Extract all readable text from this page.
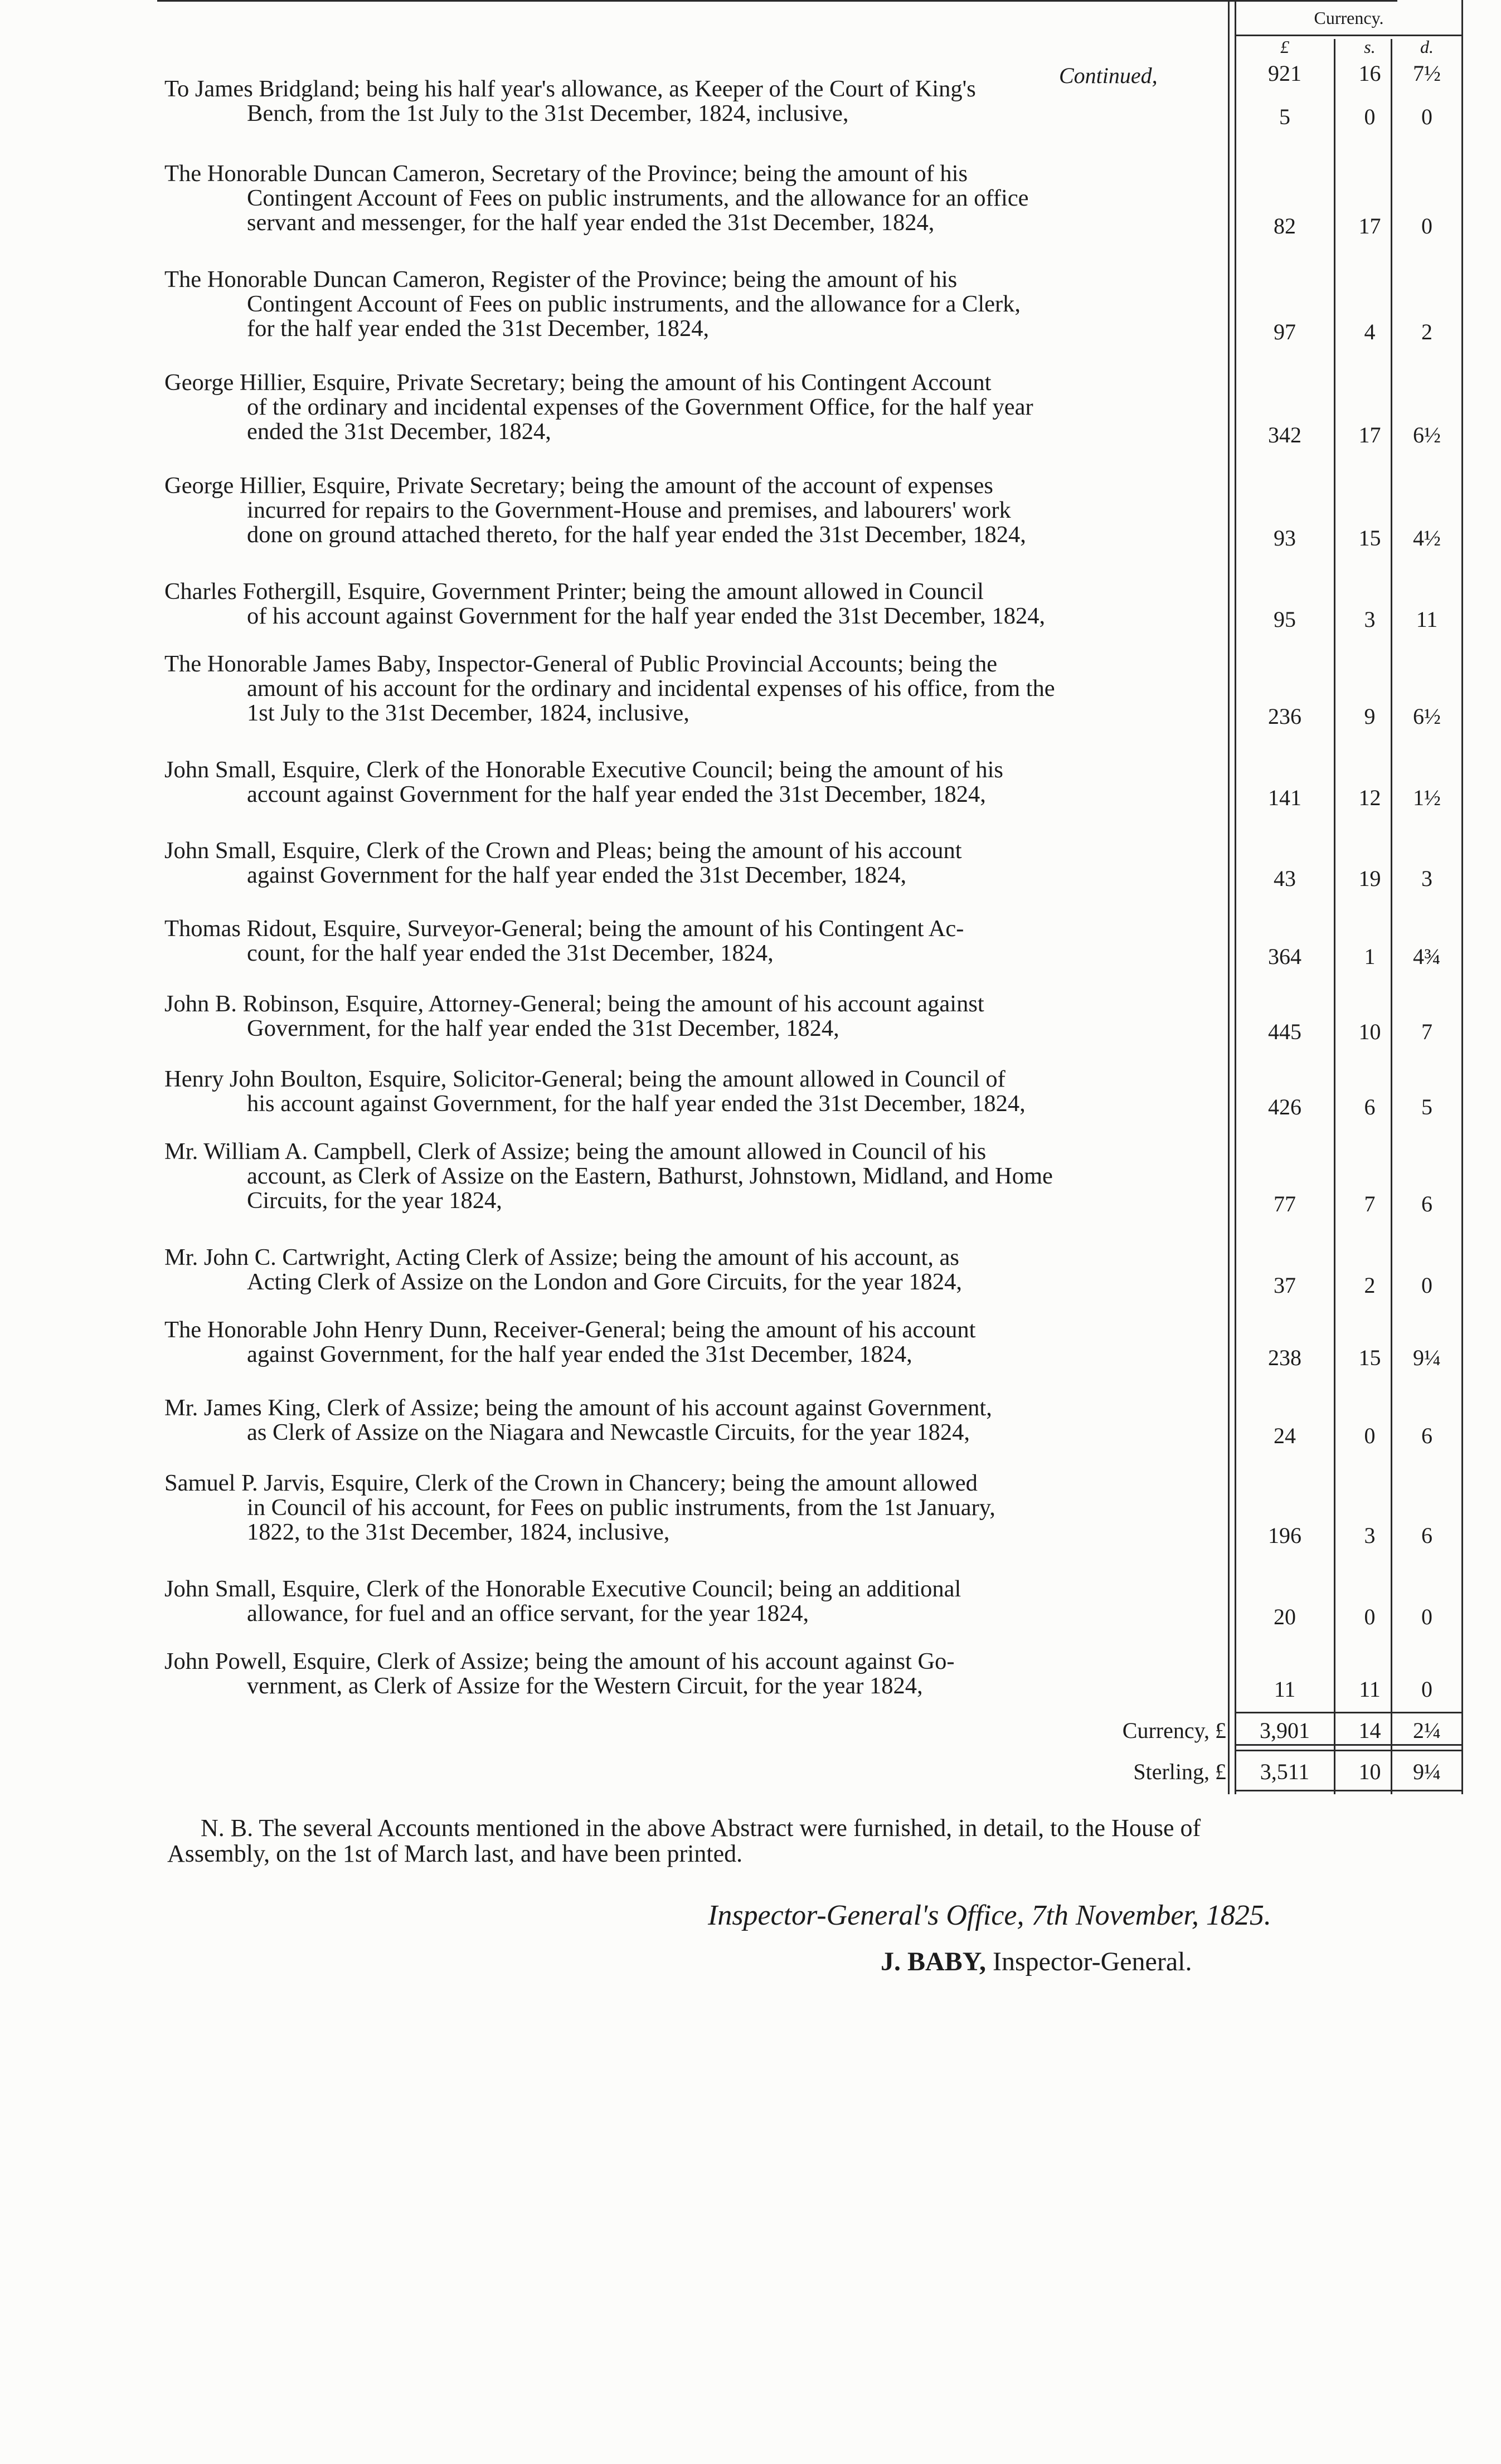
Currency.
£	s.	d.
Continued,	921	16	7½
To James Bridgland; being his half year's allowance, as Keeper of the Court of King's
Bench, from the 1st July to the 31st December, 1824, inclusive,	5	0	0
The Honorable Duncan Cameron, Secretary of the Province; being the amount of his
Contingent Account of Fees on public instruments, and the allowance for an office
servant and messenger, for the half year ended the 31st December, 1824,	82	17	0
The Honorable Duncan Cameron, Register of the Province; being the amount of his
Contingent Account of Fees on public instruments, and the allowance for a Clerk,
for the half year ended the 31st December, 1824,	97	4	2
George Hillier, Esquire, Private Secretary; being the amount of his Contingent Account
of the ordinary and incidental expenses of the Government Office, for the half year
ended the 31st December, 1824,	342	17	6½
George Hillier, Esquire, Private Secretary; being the amount of the account of expenses
incurred for repairs to the Government-House and premises, and labourers' work
done on ground attached thereto, for the half year ended the 31st December, 1824,	93	15	4½
Charles Fothergill, Esquire, Government Printer; being the amount allowed in Council
of his account against Government for the half year ended the 31st December, 1824,	95	3	11
The Honorable James Baby, Inspector-General of Public Provincial Accounts; being the
amount of his account for the ordinary and incidental expenses of his office, from the
1st July to the 31st December, 1824, inclusive,	236	9	6½
John Small, Esquire, Clerk of the Honorable Executive Council; being the amount of his
account against Government for the half year ended the 31st December, 1824,	141	12	1½
John Small, Esquire, Clerk of the Crown and Pleas; being the amount of his account
against Government for the half year ended the 31st December, 1824,	43	19	3
Thomas Ridout, Esquire, Surveyor-General; being the amount of his Contingent Ac-
count, for the half year ended the 31st December, 1824,	364	1	4¾
John B. Robinson, Esquire, Attorney-General; being the amount of his account against
Government, for the half year ended the 31st December, 1824,	445	10	7
Henry John Boulton, Esquire, Solicitor-General; being the amount allowed in Council of
his account against Government, for the half year ended the 31st December, 1824,	426	6	5
Mr. William A. Campbell, Clerk of Assize; being the amount allowed in Council of his
account, as Clerk of Assize on the Eastern, Bathurst, Johnstown, Midland, and Home
Circuits, for the year 1824,	77	7	6
Mr. John C. Cartwright, Acting Clerk of Assize; being the amount of his account, as
Acting Clerk of Assize on the London and Gore Circuits, for the year 1824,	37	2	0
The Honorable John Henry Dunn, Receiver-General; being the amount of his account
against Government, for the half year ended the 31st December, 1824,	238	15	9¼
Mr. James King, Clerk of Assize; being the amount of his account against Government,
as Clerk of Assize on the Niagara and Newcastle Circuits, for the year 1824,	24	0	6
Samuel P. Jarvis, Esquire, Clerk of the Crown in Chancery; being the amount allowed
in Council of his account, for Fees on public instruments, from the 1st January,
1822, to the 31st December, 1824, inclusive,	196	3	6
John Small, Esquire, Clerk of the Honorable Executive Council; being an additional
allowance, for fuel and an office servant, for the year 1824,	20	0	0
John Powell, Esquire, Clerk of Assize; being the amount of his account against Go-
vernment, as Clerk of Assize for the Western Circuit, for the year 1824,	11	11	0
Currency, £	3,901	14	2¼
Sterling, £	3,511	10	9¼
N. B. The several Accounts mentioned in the above Abstract were furnished, in detail, to the House of
Assembly, on the 1st of March last, and have been printed.
Inspector-General's Office, 7th November, 1825.
J. BABY, Inspector-General.
